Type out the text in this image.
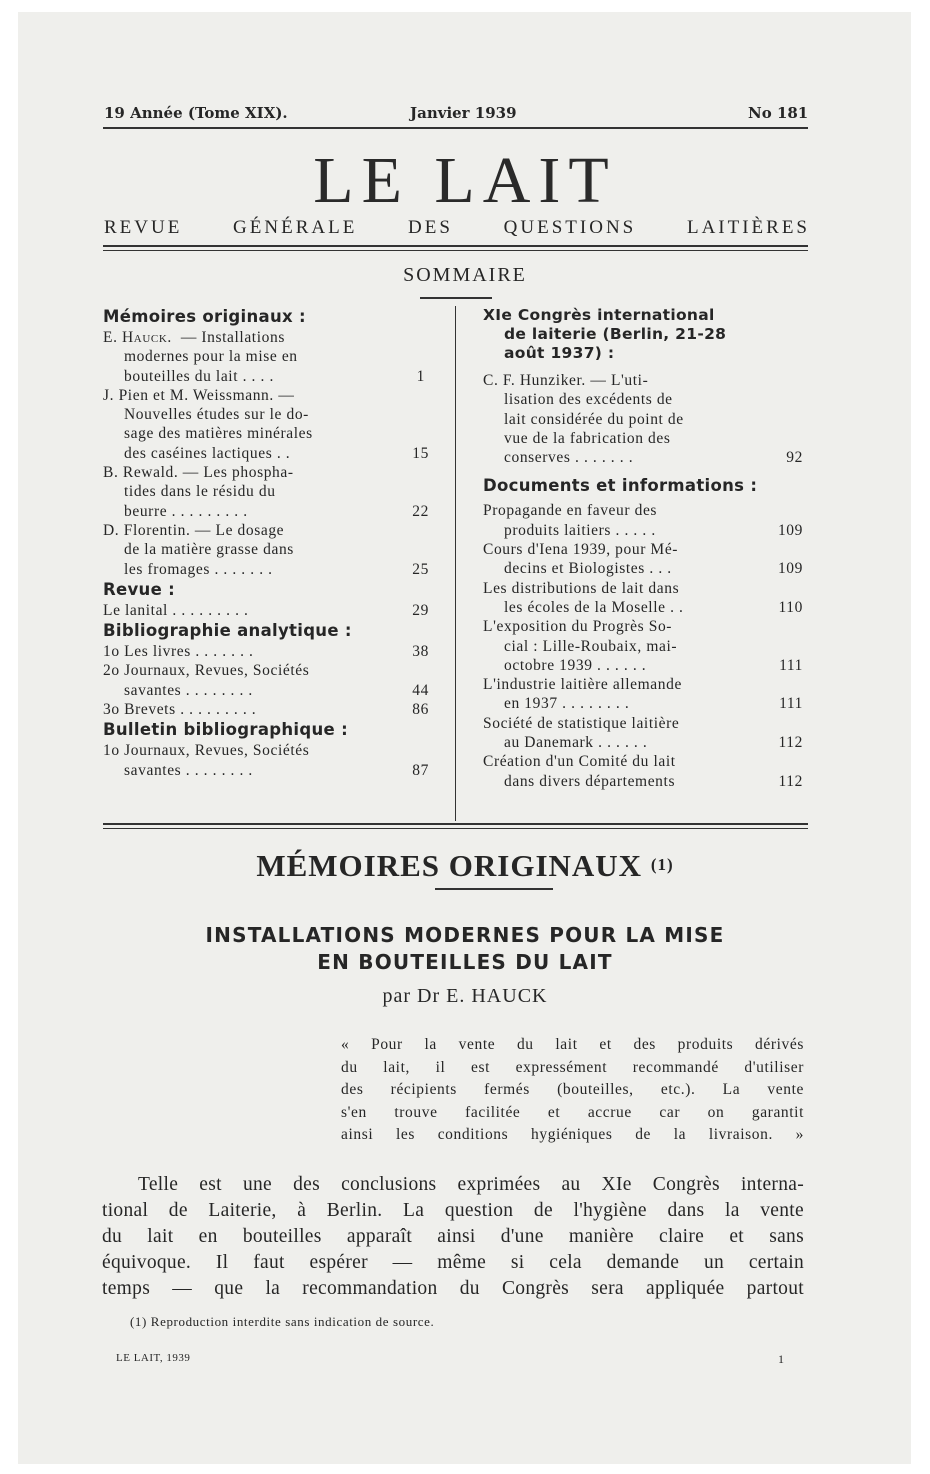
19 Année (Tome XIX).	Janvier 1939	No 181
LE LAIT
REVUE GÉNÉRALE DES QUESTIONS LAITIÈRES
SOMMAIRE
Mémoires originaux :
E. Hauck. — Installations
modernes pour la mise en
bouteilles du lait . . . .	1
J. Pien et M. Weissmann. —
Nouvelles études sur le do-
sage des matières minérales
des caséines lactiques . .	15
B. Rewald. — Les phospha-
tides dans le résidu du
beurre . . . . . . . . .	22
D. Florentin. — Le dosage
de la matière grasse dans
les fromages . . . . . . .	25
Revue :
Le lanital . . . . . . . . .	29
Bibliographie analytique :
1o Les livres . . . . . . .	38
2o Journaux, Revues, Sociétés
savantes . . . . . . . .	44
3o Brevets . . . . . . . . .	86
Bulletin bibliographique :
1o Journaux, Revues, Sociétés
savantes . . . . . . . .	87
XIe Congrès international
de laiterie (Berlin, 21-28
août 1937) :
C. F. Hunziker. — L'uti-
lisation des excédents de
lait considérée du point de
vue de la fabrication des
conserves . . . . . . .	92
Documents et informations :
Propagande en faveur des
produits laitiers . . . . .	109
Cours d'Iena 1939, pour Mé-
decins et Biologistes . . .	109
Les distributions de lait dans
les écoles de la Moselle . .	110
L'exposition du Progrès So-
cial : Lille-Roubaix, mai-
octobre 1939 . . . . . .	111
L'industrie laitière allemande
en 1937 . . . . . . . .	111
Société de statistique laitière
au Danemark . . . . . .	112
Création d'un Comité du lait
dans divers départements	112
MÉMOIRES ORIGINAUX (1)
INSTALLATIONS MODERNES POUR LA MISE
EN BOUTEILLES DU LAIT
par Dr E. HAUCK
« Pour la vente du lait et des produits dérivés
du lait, il est expressément recommandé d'utiliser
des récipients fermés (bouteilles, etc.). La vente
s'en trouve facilitée et accrue car on garantit
ainsi les conditions hygiéniques de la livraison. »
Telle est une des conclusions exprimées au XIe Congrès interna-
tional de Laiterie, à Berlin. La question de l'hygiène dans la vente
du lait en bouteilles apparaît ainsi d'une manière claire et sans
équivoque. Il faut espérer — même si cela demande un certain
temps — que la recommandation du Congrès sera appliquée partout
(1) Reproduction interdite sans indication de source.
LE LAIT, 1939	1
